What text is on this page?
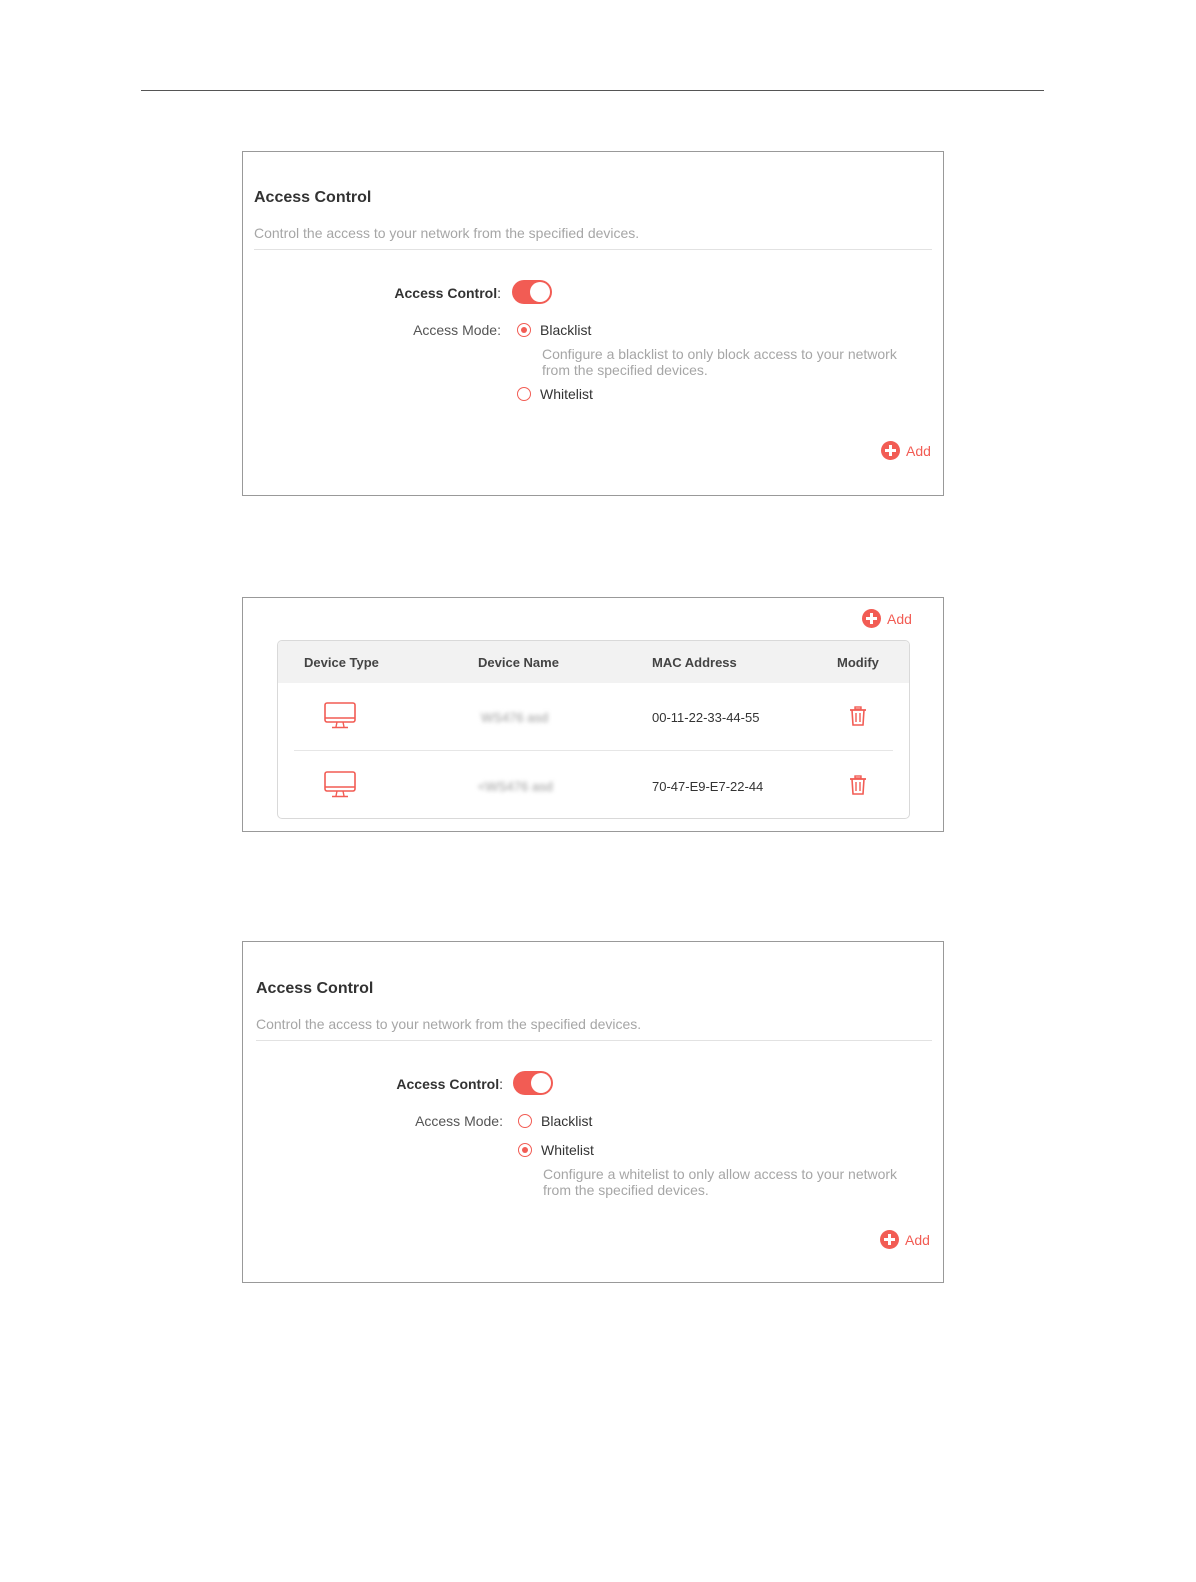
Access Control
Control the access to your network from the specified devices.
Access Control:
Access Mode:	Blacklist
Configure a blacklist to only block access to your network from the specified devices.
Whitelist
Add
Add
Device Type	Device Name	MAC Address	Modify
WS476 asd	00-11-22-33-44-55
<WS476 asd	70-47-E9-E7-22-44
Access Control
Control the access to your network from the specified devices.
Access Control:
Access Mode:	Blacklist
Whitelist
Configure a whitelist to only allow access to your network from the specified devices.
Add
